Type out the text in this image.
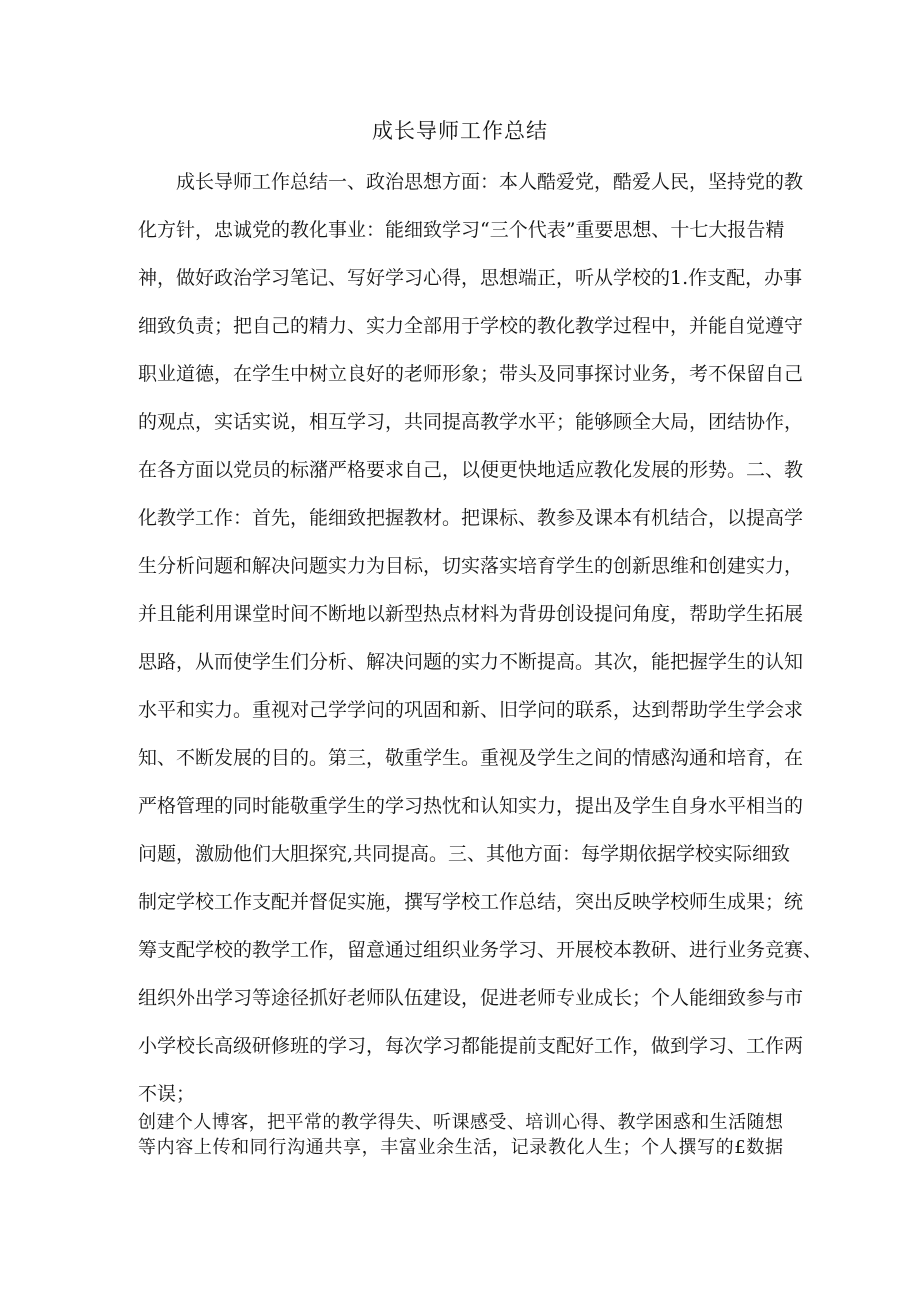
成长导师工作总结
成长导师工作总结一、政治思想方面：本人酷爱党，酷爱人民，坚持党的教
化方针，忠诚党的教化事业：能细致学习“三个代表”重要思想、十七大报告精
神，做好政治学习笔记、写好学习心得，思想端正，听从学校的1.作支配，办事
细致负责；把自己的精力、实力全部用于学校的教化教学过程中，并能自觉遵守
职业道德，在学生中树立良好的老师形象；带头及同事探讨业务，考不保留自己
的观点，实话实说，相互学习，共同提高教学水平；能够顾全大局，团结协作，
在各方面以党员的标潴严格要求自己，以便更快地适应教化发展的形势。二、教
化教学工作：首先，能细致把握教材。把课标、教参及课本有机结合，以提高学
生分析问题和解决问题实力为目标，切实落实培育学生的创新思维和创建实力，
并且能利用课堂时间不断地以新型热点材料为背毋创设提问角度，帮助学生拓展
思路，从而使学生们分析、解决问题的实力不断提高。其次，能把握学生的认知
水平和实力。重视对己学学问的巩固和新、旧学问的联系，达到帮助学生学会求
知、不断发展的目的。第三，敬重学生。重视及学生之间的情感沟通和培育，在
严格管理的同时能敬重学生的学习热忱和认知实力，提出及学生自身水平相当的
问题，激励他们大胆探究,共同提高。三、其他方面：每学期依据学校实际细致
制定学校工作支配并督促实施，撰写学校工作总结，突出反映学校师生成果；统
筹支配学校的教学工作，留意通过组织业务学习、开展校本教研、进行业务竞赛、
组织外出学习等途径抓好老师队伍建设，促进老师专业成长；个人能细致参与市
小学校长高级研修班的学习，每次学习都能提前支配好工作，做到学习、工作两
不误；
创建个人博客，把平常的教学得失、听课感受、培训心得、教学困惑和生活随想
等内容上传和同行沟通共享，丰富业余生活，记录教化人生；个人撰写的£数据
